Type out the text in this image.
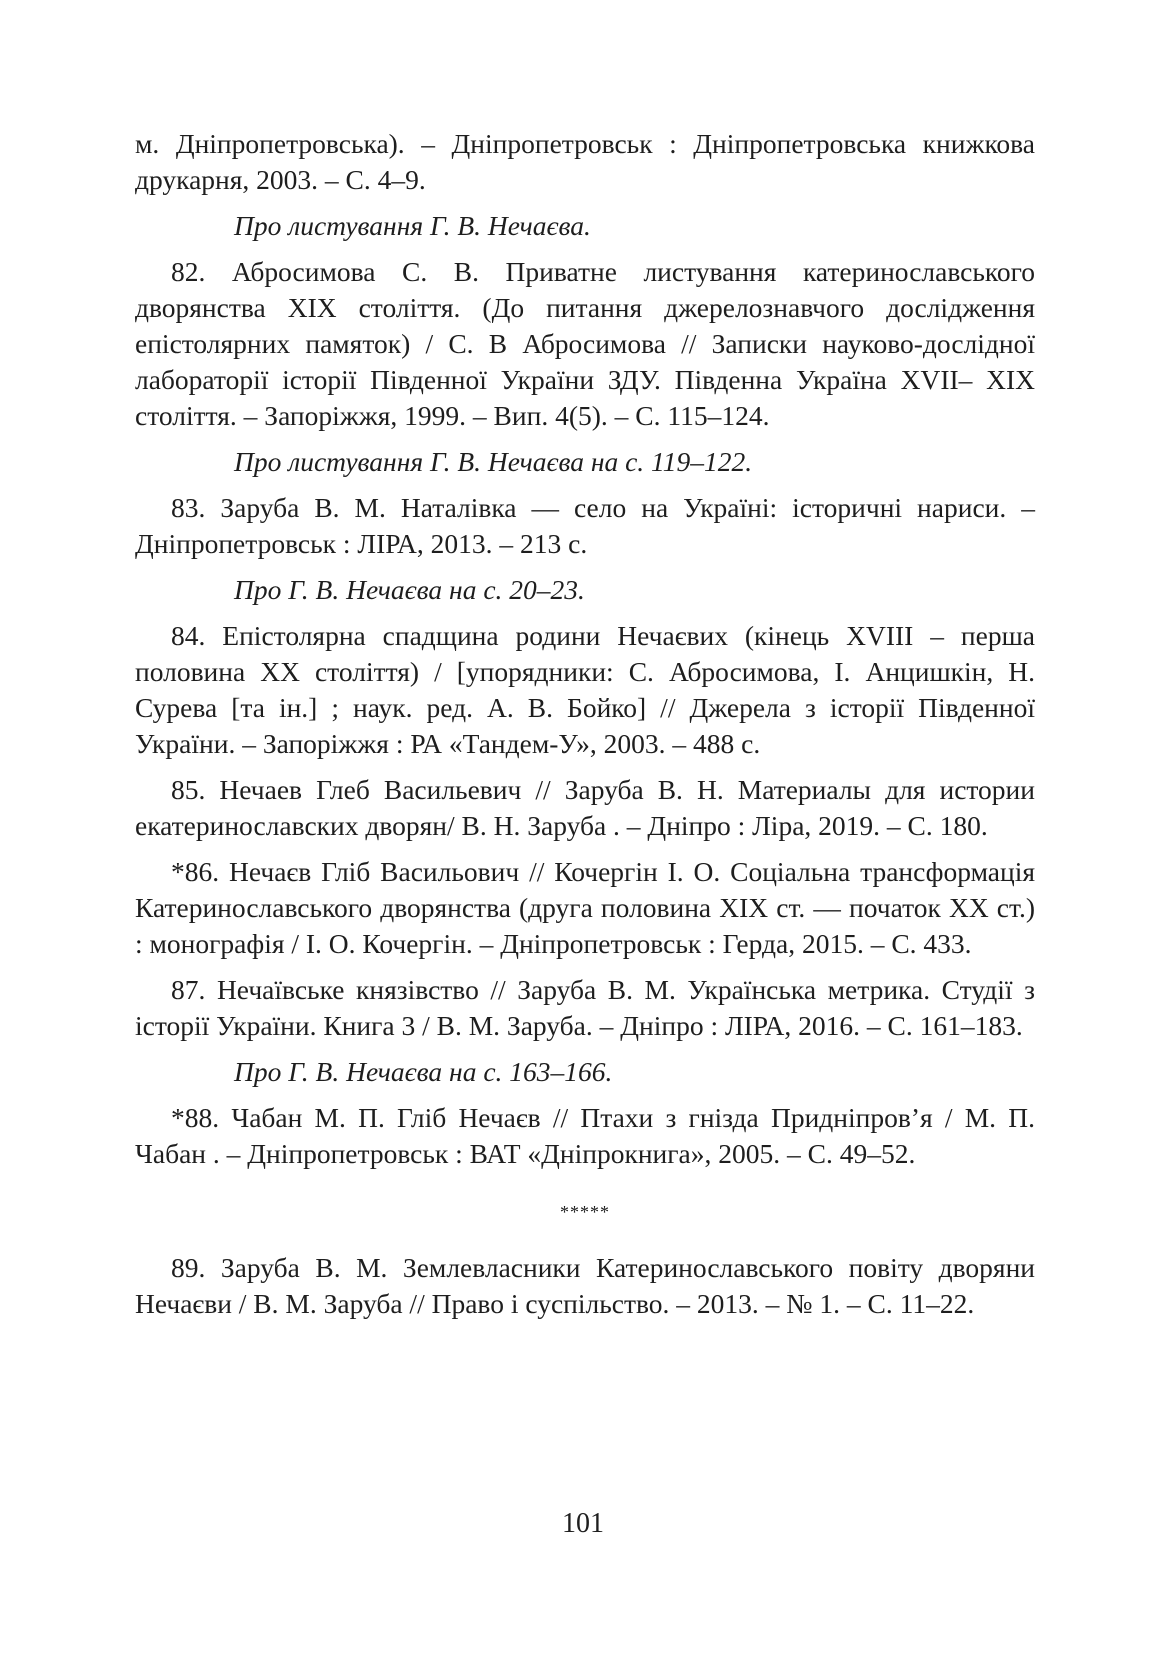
м. Дніпропетровська). – Дніпропетровськ : Дніпропетровська книжкова друкарня, 2003. – С. 4–9.

Про листування Г. В. Нечаєва.

82. Абросимова С. В. Приватне листування катеринославського дворянства XIX століття. (До питання джерелознавчого дослідження епістолярних памяток) / С. В Абросимова // Записки науково-дослідної лабораторії історії Південної України ЗДУ. Південна Україна XVII– XIX століття. – Запоріжжя, 1999. – Вип. 4(5). – С. 115–124.

Про листування Г. В. Нечаєва на с. 119–122.

83. Заруба В. М. Наталівка — село на Україні: історичні нариси. – Дніпропетровськ : ЛІРА, 2013. – 213 с.

Про Г. В. Нечаєва на с. 20–23.

84. Епістолярна спадщина родини Нечаєвих (кінець XVIII – перша половина XX століття) / [упорядники: С. Абросимова, І. Анцишкін, Н. Сурева [та ін.] ; наук. ред. А. В. Бойко] // Джерела з історії Південної України. – Запоріжжя : РА «Тандем-У», 2003. – 488 с.

85. Нечаев Глеб Васильевич // Заруба В. Н. Материалы для истории екатеринославских дворян/ В. Н. Заруба . – Дніпро : Ліра, 2019. – С. 180.

*86. Нечаєв Гліб Васильович // Кочергін І. О. Соціальна трансформація Катеринославського дворянства (друга половина XIX ст. — початок XX ст.) : монографія / І. О. Кочергін. – Дніпропетровськ : Герда, 2015. – С. 433.

87. Нечаївське князівство // Заруба В. М. Українська метрика. Студії з історії України. Книга 3 / В. М. Заруба. – Дніпро : ЛІРА, 2016. – С. 161–183.

Про Г. В. Нечаєва на с. 163–166.

*88. Чабан М. П. Гліб Нечаєв // Птахи з гнізда Придніпров’я / М. П. Чабан . – Дніпропетровськ : ВАТ «Дніпрокнига», 2005. – С. 49–52.

*****

89. Заруба В. М. Землевласники Катеринославського повіту дворяни Нечаєви / В. М. Заруба // Право і суспільство. – 2013. – № 1. – С. 11–22.

101
